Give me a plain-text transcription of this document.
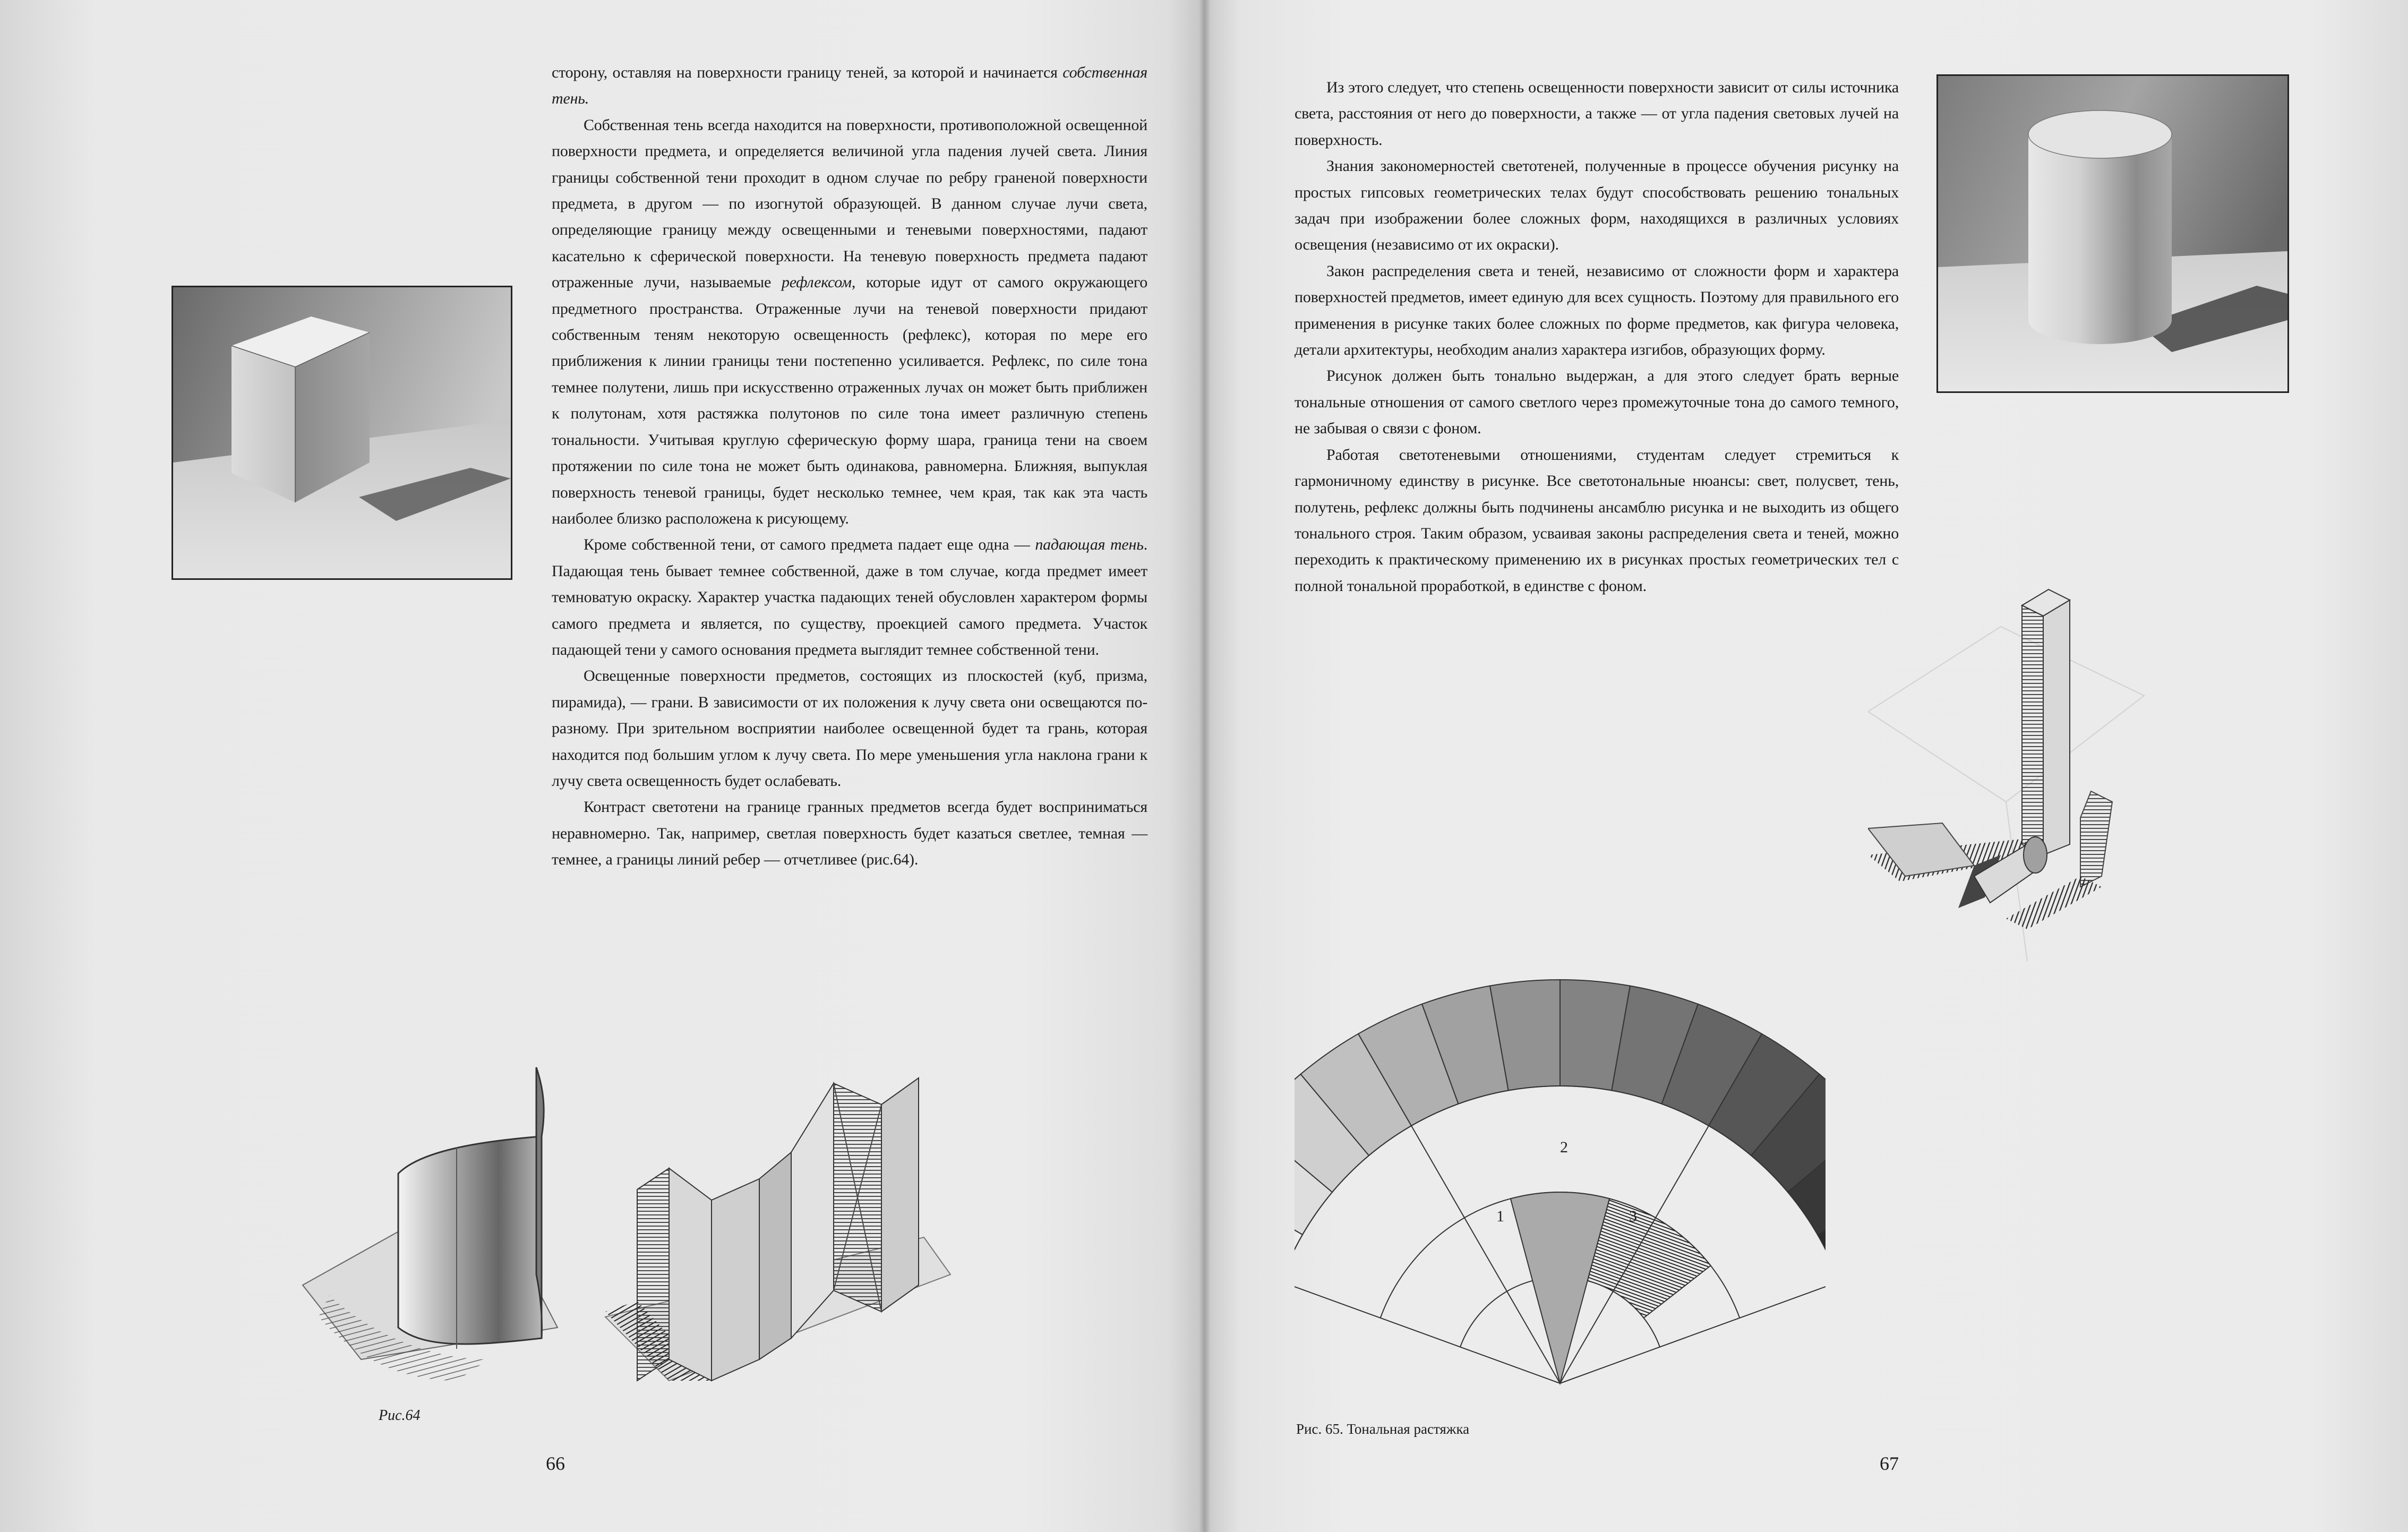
сторону, оставляя на поверхности границу теней, за которой и начинается собственная тень.

Собственная тень всегда находится на поверхности, противоположной освещенной поверхности предмета, и определяется величиной угла падения лучей света. Линия границы собственной тени проходит в одном случае по ребру граненой поверхности предмета, в другом — по изогнутой образующей. В данном случае лучи света, определяющие границу между освещенными и теневыми поверхностями, падают касательно к сферической поверхности. На теневую поверхность предмета падают отраженные лучи, называемые рефлексом, которые идут от самого окружающего предметного пространства. Отраженные лучи на теневой поверхности придают собственным теням некоторую освещенность (рефлекс), которая по мере его приближения к линии границы тени постепенно усиливается. Рефлекс, по силе тона темнее полутени, лишь при искусственно отраженных лучах он может быть приближен к полутонам, хотя растяжка полутонов по силе тона имеет различную степень тональности. Учитывая круглую сферическую форму шара, граница тени на своем протяжении по силе тона не может быть одинакова, равномерна. Ближняя, выпуклая поверхность теневой границы, будет несколько темнее, чем края, так как эта часть наиболее близко расположена к рисующему.

Кроме собственной тени, от самого предмета падает еще одна — падающая тень. Падающая тень бывает темнее собственной, даже в том случае, когда предмет имеет темноватую окраску. Характер участка падающих теней обусловлен характером формы самого предмета и является, по существу, проекцией самого предмета. Участок падающей тени у самого основания предмета выглядит темнее собственной тени.

Освещенные поверхности предметов, состоящих из плоскостей (куб, призма, пирамида), — грани. В зависимости от их положения к лучу света они освещаются по-разному. При зрительном восприятии наиболее освещенной будет та грань, которая находится под большим углом к лучу света. По мере уменьшения угла наклона грани к лучу света освещенность будет ослабевать.

Контраст светотени на границе гранных предметов всегда будет восприниматься неравномерно. Так, например, светлая поверхность будет казаться светлее, темная — темнее, а границы линий ребер — отчетливее (рис.64).

Рис.64
66

Из этого следует, что степень освещенности поверхности зависит от силы источника света, расстояния от него до поверхности, а также — от угла падения световых лучей на поверхность.

Знания закономерностей светотеней, полученные в процессе обучения рисунку на простых гипсовых геометрических телах будут способствовать решению тональных задач при изображении более сложных форм, находящихся в различных условиях освещения (независимо от их окраски).

Закон распределения света и теней, независимо от сложности форм и характера поверхностей предметов, имеет единую для всех сущность. Поэтому для правильного его применения в рисунке таких более сложных по форме предметов, как фигура человека, детали архитектуры, необходим анализ характера изгибов, образующих форму.

Рисунок должен быть тонально выдержан, а для этого следует брать верные тональные отношения от самого светлого через промежуточные тона до самого темного, не забывая о связи с фоном.

Работая светотеневыми отношениями, студентам следует стремиться к гармоничному единству в рисунке. Все светотональные нюансы: свет, полусвет, тень, полутень, рефлекс должны быть подчинены ансамблю рисунка и не выходить из общего тонального строя. Таким образом, усваивая законы распределения света и теней, можно переходить к практическому применению их в рисунках простых геометрических тел с полной тональной проработкой, в единстве с фоном.

2
1	3
Рис. 65. Тональная растяжка
67
